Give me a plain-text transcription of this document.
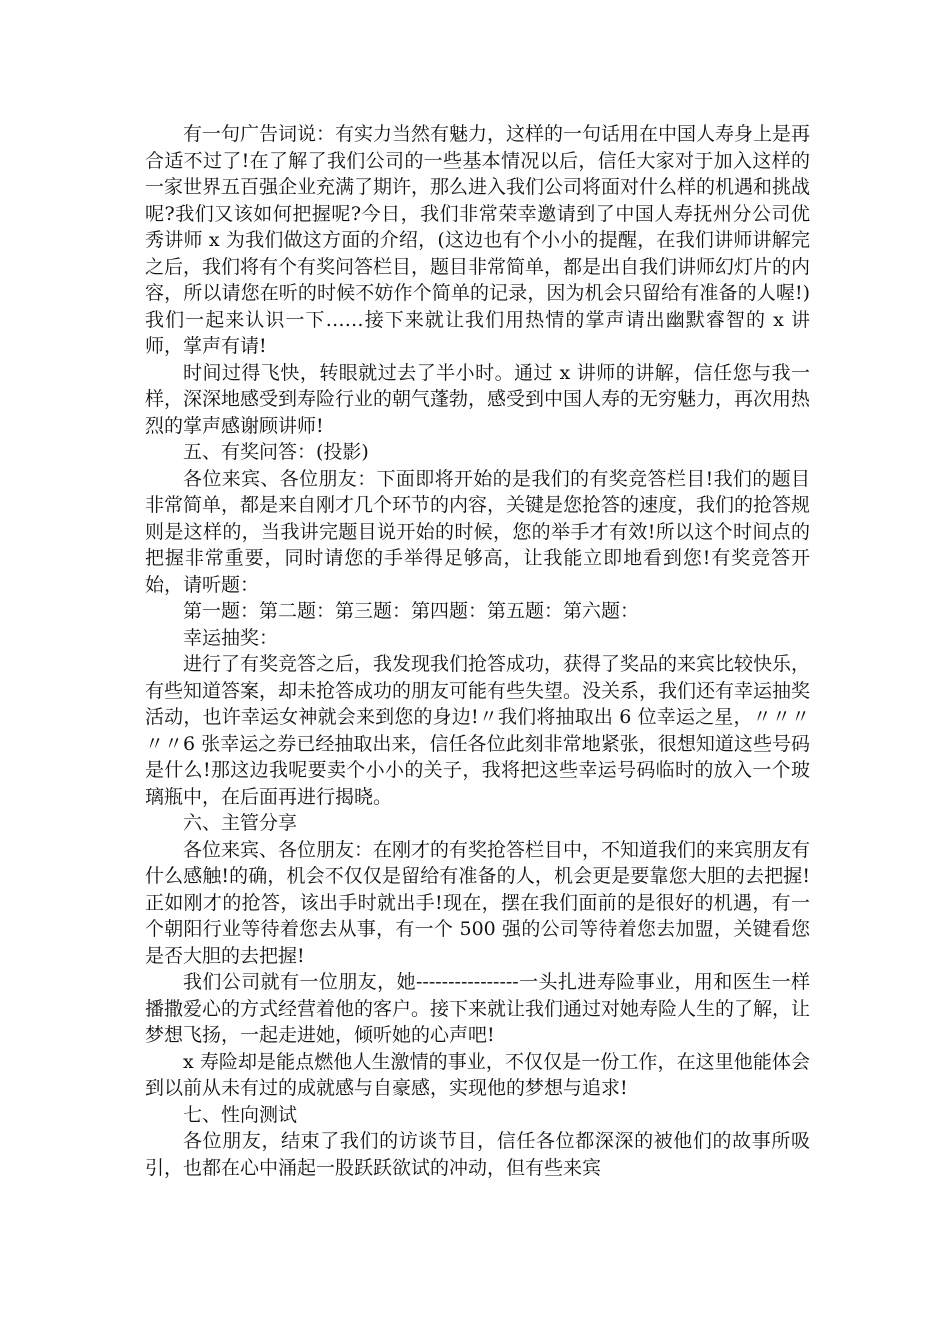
有一句广告词说：有实力当然有魅力，这样的一句话用在中国人寿身上是再合适不过了!在了解了我们公司的一些基本情况以后，信任大家对于加入这样的一家世界五百强企业充满了期许，那么进入我们公司将面对什么样的机遇和挑战呢?我们又该如何把握呢?今日，我们非常荣幸邀请到了中国人寿抚州分公司优秀讲师 x 为我们做这方面的介绍，(这边也有个小小的提醒，在我们讲师讲解完之后，我们将有个有奖问答栏目，题目非常简单，都是出自我们讲师幻灯片的内容，所以请您在听的时候不妨作个简单的记录，因为机会只留给有准备的人喔!)我们一起来认识一下……接下来就让我们用热情的掌声请出幽默睿智的 x 讲师，掌声有请!

时间过得飞快，转眼就过去了半小时。通过 x 讲师的讲解，信任您与我一样，深深地感受到寿险行业的朝气蓬勃，感受到中国人寿的无穷魅力，再次用热烈的掌声感谢顾讲师!

五、有奖问答：(投影)

各位来宾、各位朋友：下面即将开始的是我们的有奖竞答栏目!我们的题目非常简单，都是来自刚才几个环节的内容，关键是您抢答的速度，我们的抢答规则是这样的，当我讲完题目说开始的时候，您的举手才有效!所以这个时间点的把握非常重要，同时请您的手举得足够高，让我能立即地看到您!有奖竞答开始，请听题：

第一题：第二题：第三题：第四题：第五题：第六题：

幸运抽奖：

进行了有奖竞答之后，我发现我们抢答成功，获得了奖品的来宾比较快乐，有些知道答案，却未抢答成功的朋友可能有些失望。没关系，我们还有幸运抽奖活动，也许幸运女神就会来到您的身边!〃我们将抽取出 6 位幸运之星，〃〃〃〃〃6 张幸运之券已经抽取出来，信任各位此刻非常地紧张，很想知道这些号码是什么!那这边我呢要卖个小小的关子，我将把这些幸运号码临时的放入一个玻璃瓶中，在后面再进行揭晓。

六、主管分享

各位来宾、各位朋友：在刚才的有奖抢答栏目中，不知道我们的来宾朋友有什么感触!的确，机会不仅仅是留给有准备的人，机会更是要靠您大胆的去把握!正如刚才的抢答，该出手时就出手!现在，摆在我们面前的是很好的机遇，有一个朝阳行业等待着您去从事，有一个 500 强的公司等待着您去加盟，关键看您是否大胆的去把握!

我们公司就有一位朋友，她----------------一头扎进寿险事业，用和医生一样播撒爱心的方式经营着他的客户。接下来就让我们通过对她寿险人生的了解，让梦想飞扬，一起走进她，倾听她的心声吧!

x 寿险却是能点燃他人生激情的事业，不仅仅是一份工作，在这里他能体会到以前从未有过的成就感与自豪感，实现他的梦想与追求!

七、性向测试

各位朋友，结束了我们的访谈节目，信任各位都深深的被他们的故事所吸引，也都在心中涌起一股跃跃欲试的冲动，但有些来宾
